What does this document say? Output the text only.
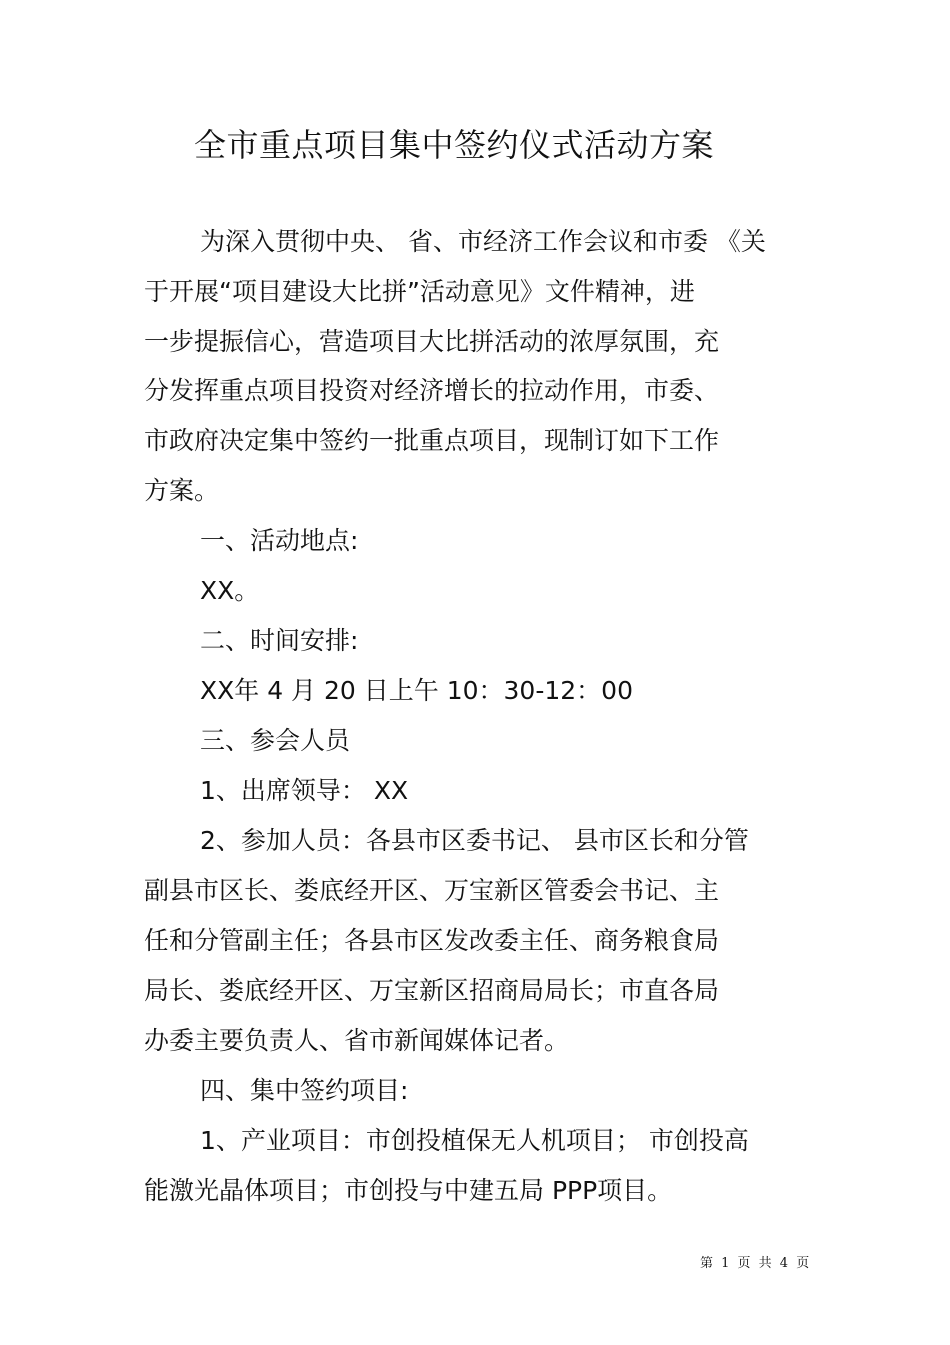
全市重点项目集中签约仪式活动方案
为深入贯彻中央、 省、市经济工作会议和市委 《关
于开展“项目建设大比拼”活动意见》文件精神，进
一步提振信心，营造项目大比拼活动的浓厚氛围，充
分发挥重点项目投资对经济增长的拉动作用，市委、
市政府决定集中签约一批重点项目，现制订如下工作
方案。
一、活动地点:
XX。
二、时间安排:
XX年 4 月 20 日上午 10：30-12：00
三、参会人员
1、出席领导： XX
2、参加人员：各县市区委书记、 县市区长和分管
副县市区长、娄底经开区、万宝新区管委会书记、主
任和分管副主任；各县市区发改委主任、商务粮食局
局长、娄底经开区、万宝新区招商局局长；市直各局
办委主要负责人、省市新闻媒体记者。
四、集中签约项目:
1、产业项目：市创投植保无人机项目； 市创投高
能激光晶体项目；市创投与中建五局 PPP项目。
第 1 页 共 4 页
